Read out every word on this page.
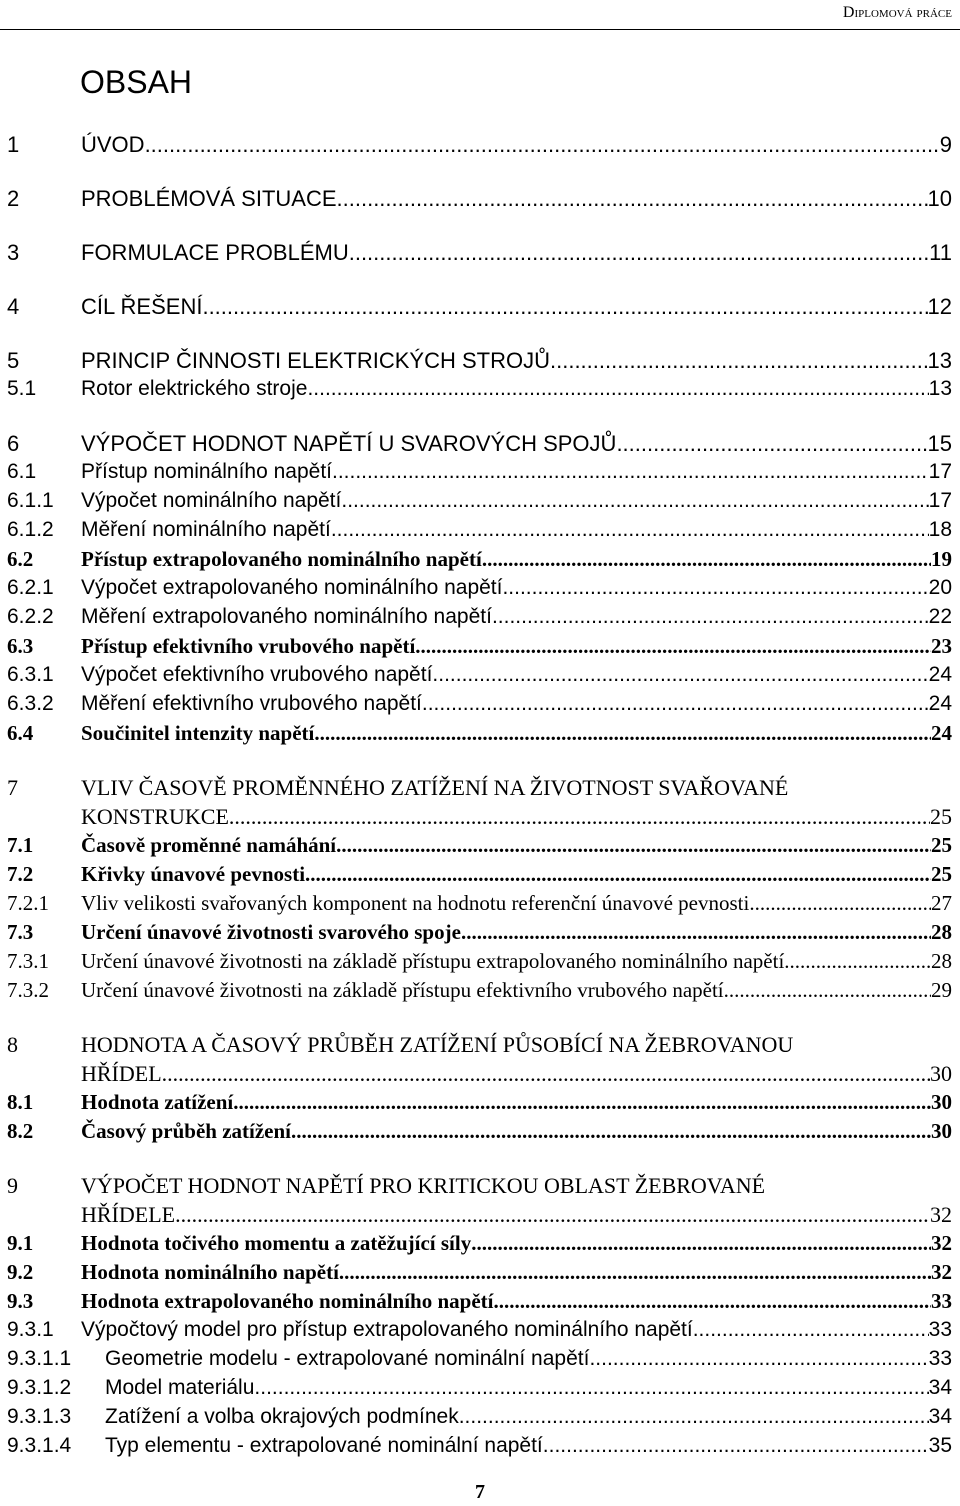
Diplomová práce
OBSAH
1	ÚVOD .....	9
2	PROBLÉMOVÁ SITUACE .....	10
3	FORMULACE PROBLÉMU .....	11
4	CÍL ŘEŠENÍ .....	12
5	PRINCIP ČINNOSTI ELEKTRICKÝCH STROJŮ .....	13
5.1 Rotor elektrického stroje .....	13
6	VÝPOČET HODNOT NAPĚTÍ U SVAROVÝCH SPOJŮ .....	15
6.1 Přístup nominálního napětí .....	17
6.1.1 Výpočet nominálního napětí .....	17
6.1.2 Měření nominálního napětí .....	18
6.2 Přístup extrapolovaného nominálního napětí .....	19
6.2.1 Výpočet extrapolovaného nominálního napětí .....	20
6.2.2 Měření extrapolovaného nominálního napětí .....	22
6.3 Přístup efektivního vrubového napětí .....	23
6.3.1 Výpočet efektivního vrubového napětí .....	24
6.3.2 Měření efektivního vrubového napětí .....	24
6.4 Součinitel intenzity napětí .....	24
7	VLIV ČASOVĚ PROMĚNNÉHO ZATÍŽENÍ NA ŽIVOTNOST SVAŘOVANÉ
KONSTRUKCE .....	25
7.1 Časově proměnné namáhání .....	25
7.2 Křivky únavové pevnosti .....	25
7.2.1 Vliv velikosti svařovaných komponent na hodnotu referenční únavové pevnosti .....	27
7.3 Určení únavové životnosti svarového spoje .....	28
7.3.1 Určení únavové životnosti na základě přístupu extrapolovaného nominálního napětí .....	28
7.3.2 Určení únavové životnosti na základě přístupu efektivního vrubového napětí .....	29
8	HODNOTA A ČASOVÝ PRŮBĚH ZATÍŽENÍ PŮSOBÍCÍ NA ŽEBROVANOU
HŘÍDEL .....	30
8.1 Hodnota zatížení .....	30
8.2 Časový průběh zatížení .....	30
9	VÝPOČET HODNOT NAPĚTÍ PRO KRITICKOU OBLAST ŽEBROVANÉ
HŘÍDELE .....	32
9.1 Hodnota točivého momentu a zatěžující síly .....	32
9.2 Hodnota nominálního napětí .....	32
9.3 Hodnota extrapolovaného nominálního napětí .....	33
9.3.1 Výpočtový model pro přístup extrapolovaného nominálního napětí .....	33
9.3.1.1 Geometrie modelu - extrapolované nominální napětí .....	33
9.3.1.2 Model materiálu .....	34
9.3.1.3 Zatížení a volba okrajových podmínek .....	34
9.3.1.4 Typ elementu - extrapolované nominální napětí .....	35
7
